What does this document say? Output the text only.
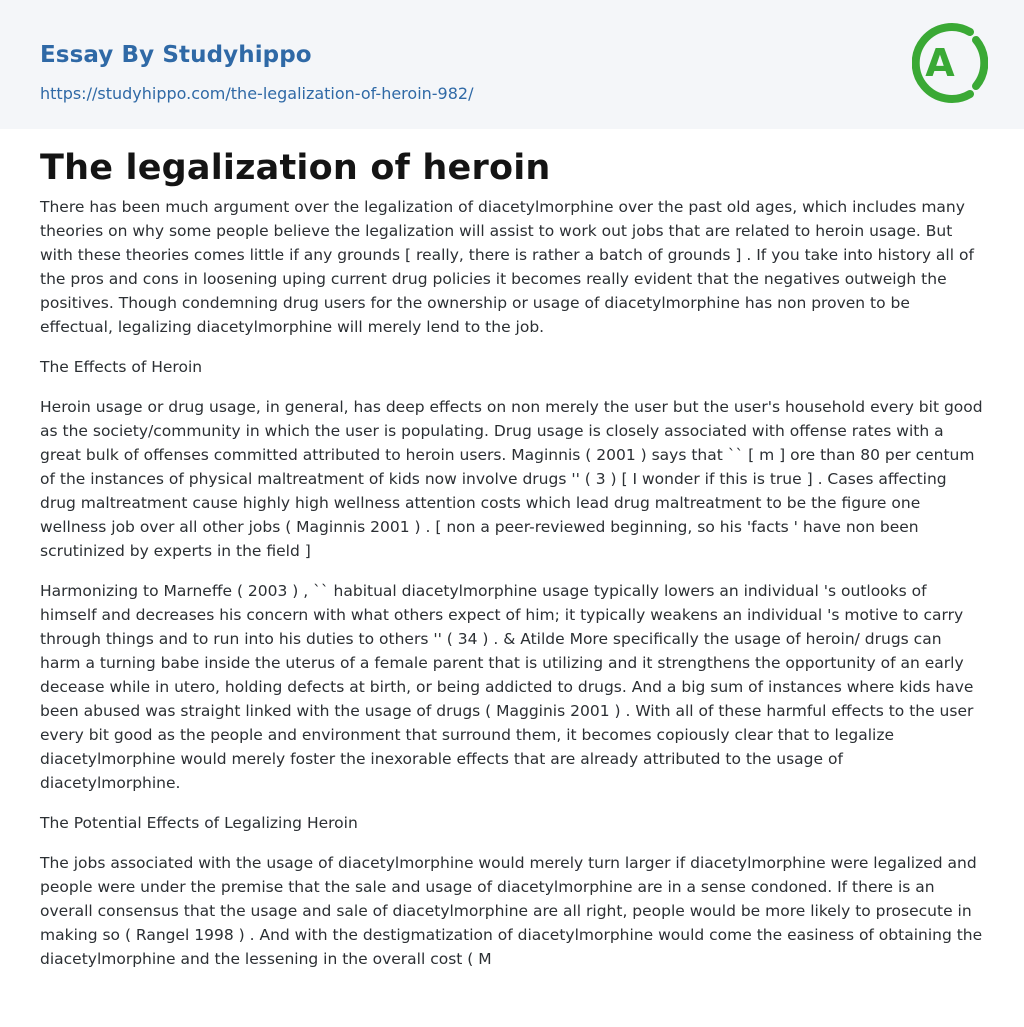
Essay By Studyhippo
https://studyhippo.com/the-legalization-of-heroin-982/
A
The legalization of heroin

There has been much argument over the legalization of diacetylmorphine over the past old ages, which includes many theories on why some people believe the legalization will assist to work out jobs that are related to heroin usage. But with these theories comes little if any grounds [ really, there is rather a batch of grounds ] . If you take into history all of the pros and cons in loosening uping current drug policies it becomes really evident that the negatives outweigh the positives. Though condemning drug users for the ownership or usage of diacetylmorphine has non proven to be effectual, legalizing diacetylmorphine will merely lend to the job.

The Effects of Heroin

Heroin usage or drug usage, in general, has deep effects on non merely the user but the user's household every bit good as the society/community in which the user is populating. Drug usage is closely associated with offense rates with a great bulk of offenses committed attributed to heroin users. Maginnis ( 2001 ) says that `` [ m ] ore than 80 per centum of the instances of physical maltreatment of kids now involve drugs '' ( 3 ) [ I wonder if this is true ] . Cases affecting drug maltreatment cause highly high wellness attention costs which lead drug maltreatment to be the figure one wellness job over all other jobs ( Maginnis 2001 ) . [ non a peer-reviewed beginning, so his 'facts ' have non been scrutinized by experts in the field ]

Harmonizing to Marneffe ( 2003 ) , `` habitual diacetylmorphine usage typically lowers an individual 's outlooks of himself and decreases his concern with what others expect of him; it typically weakens an individual 's motive to carry through things and to run into his duties to others '' ( 34 ) . & Atilde More specifically the usage of heroin/ drugs can harm a turning babe inside the uterus of a female parent that is utilizing and it strengthens the opportunity of an early decease while in utero, holding defects at birth, or being addicted to drugs. And a big sum of instances where kids have been abused was straight linked with the usage of drugs ( Magginis 2001 ) . With all of these harmful effects to the user every bit good as the people and environment that surround them, it becomes copiously clear that to legalize diacetylmorphine would merely foster the inexorable effects that are already attributed to the usage of diacetylmorphine.

The Potential Effects of Legalizing Heroin

The jobs associated with the usage of diacetylmorphine would merely turn larger if diacetylmorphine were legalized and people were under the premise that the sale and usage of diacetylmorphine are in a sense condoned. If there is an overall consensus that the usage and sale of diacetylmorphine are all right, people would be more likely to prosecute in making so ( Rangel 1998 ) . And with the destigmatization of diacetylmorphine would come the easiness of obtaining the diacetylmorphine and the lessening in the overall cost ( M
